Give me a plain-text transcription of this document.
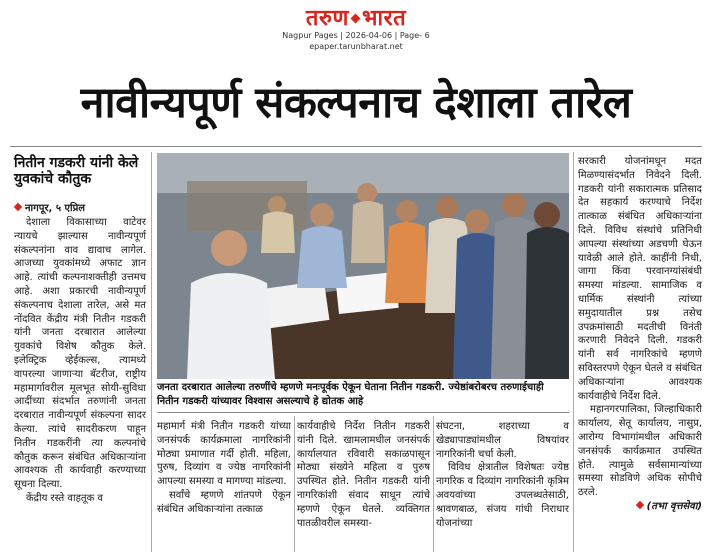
तरुण भारत
Nagpur Pages | 2026-04-06 | Page- 6
epaper.tarunbharat.net
नावीन्यपूर्ण संकल्पनाच देशाला तारेल
नितीन गडकरी यांनी केले युवकांचे कौतुक
नागपूर, ५ एप्रिल

देशाला विकासाच्या वाटेवर न्यायचे झाल्यास नावीन्यपूर्ण संकल्पनांना वाव द्यावाच लागेल. आजच्या युवकांमध्ये अफाट ज्ञान आहे. त्यांची कल्पनाशक्तीही उत्तमच आहे. अशा प्रकारची नावीन्यपूर्ण संकल्पनाच देशाला तारेल, असे मत नोंदवित केंद्रीय मंत्री नितीन गडकरी यांनी जनता दरबारात आलेल्या युवकांचे विशेष कौतुक केले. इलेक्ट्रिक व्हेईकल्स, त्यामध्ये वापरल्या जाणाऱ्या बॅटरीज, राष्ट्रीय महामार्गावरील मूलभूत सोयी-सुविधा आदींच्या संदर्भात तरुणांनी जनता दरबारात नावीन्यपूर्ण संकल्पना सादर केल्या. त्यांचे सादरीकरण पाहून नितीन गडकरींनी त्या कल्पनांचे कौतुक करून संबंधित अधिकाऱ्यांना आवश्यक ती कार्यवाही करण्याच्या सूचना दिल्या.

केंद्रीय रस्ते वाहतूक व

जनता दरबारात आलेल्या तरुणींचे म्हणणे मनःपूर्वक ऐकून घेताना नितीन गडकरी. ज्येष्ठांबरोबरच तरुणाईचाही नितीन गडकरी यांच्यावर विश्वास असल्याचे हे द्योतक आहे

महामार्ग मंत्री नितीन गडकरी यांच्या जनसंपर्क कार्यक्रमाला नागरिकांनी मोठ्या प्रमाणात गर्दी होती. महिला, पुरुष, दिव्यांग व ज्येष्ठ नागरिकांनी आपल्या समस्या व मागण्या मांडल्या.

सर्वांचे म्हणणे शांतपणे ऐकून संबंधित अधिकाऱ्यांना तत्काळ

कार्यवाहीचे निर्देश नितीन गडकरी यांनी दिले. खामलामधील जनसंपर्क कार्यालयात रविवारी सकाळपासून मोठ्या संख्येने महिला व पुरुष उपस्थित होते. नितीन गडकरी यांनी नागरिकांशी संवाद साधून त्यांचे म्हणणे ऐकून घेतले. व्यक्तिगत पातळीवरील समस्या-

संघटना, शहराच्या व खेड्यापाड्यांमधील विषयांवर नागरिकांनी चर्चा केली.

विविध क्षेत्रातील विशेषतः ज्येष्ठ नागरिक व दिव्यांग नागरिकांनी कृत्रिम अवयवांच्या उपलब्धतेसाठी, श्रावणबाळ, संजय गांधी निराधार योजनांच्या

सरकारी योजनांमधून मदत मिळण्यासंदर्भात निवेदने दिली. गडकरी यांनी सकारात्मक प्रतिसाद देत सहकार्य करण्याचे निर्देश तात्काळ संबंधित अधिकाऱ्यांना दिले. विविध संस्थांचे प्रतिनिधी आपल्या संस्थांच्या अडचणी घेऊन यावेळी आले होते. काहींनी निधी, जागा किंवा परवानग्यांसंबंधी समस्या मांडल्या. सामाजिक व धार्मिक संस्थांनी त्यांच्या समुदायातील प्रश्न तसेच उपक्रमांसाठी मदतीची विनंती करणारी निवेदने दिली. गडकरी यांनी सर्व नागरिकांचे म्हणणे सविस्तरपणे ऐकून घेतले व संबंधित अधिकाऱ्यांना आवश्यक कार्यवाहीचे निर्देश दिले.

महानगरपालिका, जिल्हाधिकारी कार्यालय, सेतू कार्यालय, नासुप्र, आरोग्य विभागांमधील अधिकारी जनसंपर्क कार्यक्रमात उपस्थित होते. त्यामुळे सर्वसामान्यांच्या समस्या सोडविणे अधिक सोपीचे ठरले.

(तभा वृत्तसेवा)
